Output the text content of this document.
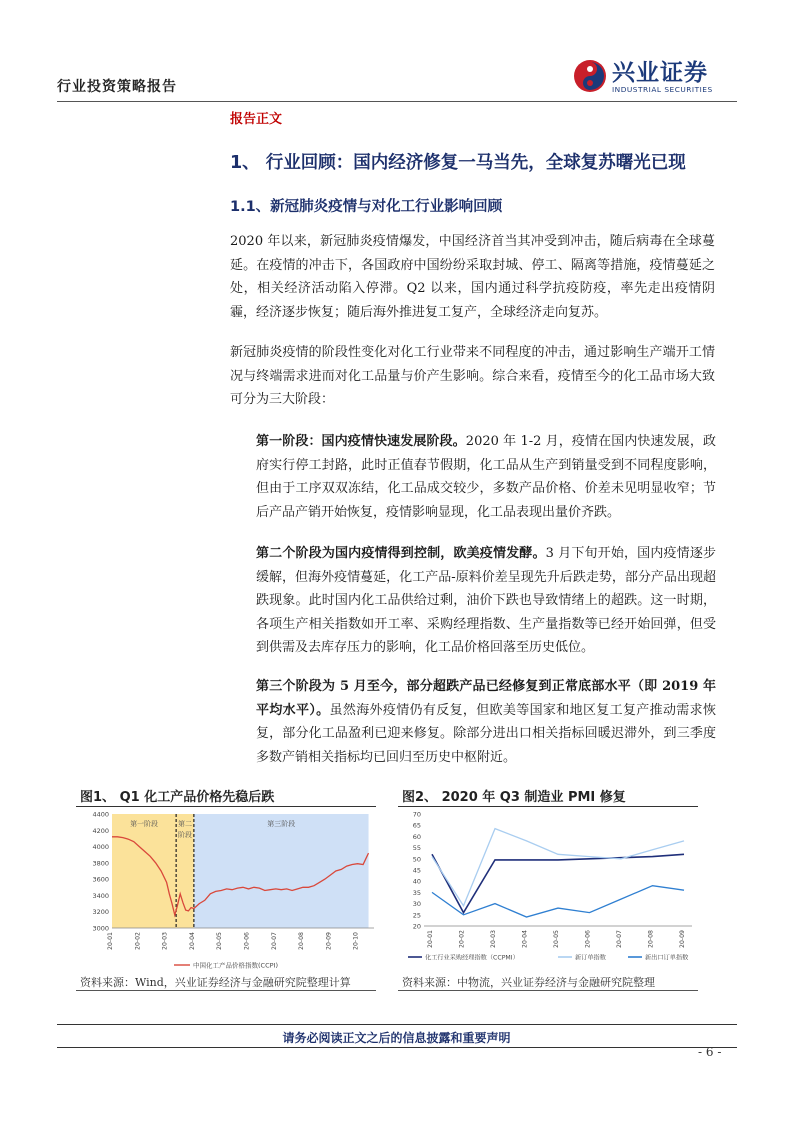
行业投资策略报告
兴业证券
INDUSTRIAL SECURITIES
报告正文
1、 行业回顾：国内经济修复一马当先，全球复苏曙光已现
1.1、新冠肺炎疫情与对化工行业影响回顾

2020 年以来，新冠肺炎疫情爆发，中国经济首当其冲受到冲击，随后病毒在全球蔓延。在疫情的冲击下，各国政府中国纷纷采取封城、停工、隔离等措施，疫情蔓延之处，相关经济活动陷入停滞。Q2 以来，国内通过科学抗疫防疫，率先走出疫情阴霾，经济逐步恢复；随后海外推进复工复产，全球经济走向复苏。

新冠肺炎疫情的阶段性变化对化工行业带来不同程度的冲击，通过影响生产端开工情况与终端需求进而对化工品量与价产生影响。综合来看，疫情至今的化工品市场大致可分为三大阶段：

第一阶段：国内疫情快速发展阶段。2020 年 1-2 月，疫情在国内快速发展，政府实行停工封路，此时正值春节假期，化工品从生产到销量受到不同程度影响，但由于工序双双冻结，化工品成交较少，多数产品价格、价差未见明显收窄；节后产品产销开始恢复，疫情影响显现，化工品表现出量价齐跌。

第二个阶段为国内疫情得到控制，欧美疫情发酵。3 月下旬开始，国内疫情逐步缓解，但海外疫情蔓延，化工产品-原料价差呈现先升后跌走势，部分产品出现超跌现象。此时国内化工品供给过剩，油价下跌也导致情绪上的超跌。这一时期，各项生产相关指数如开工率、采购经理指数、生产量指数等已经开始回弹，但受到供需及去库存压力的影响，化工品价格回落至历史低位。

第三个阶段为 5 月至今，部分超跌产品已经修复到正常底部水平（即 2019 年平均水平）。虽然海外疫情仍有反复，但欧美等国家和地区复工复产推动需求恢复，部分化工品盈利已迎来修复。除部分进出口相关指标回暖迟滞外，到三季度多数产销相关指标均已回归至历史中枢附近。

图1、 Q1 化工产品价格先稳后跌	图2、 2020 年 Q3 制造业 PMI 修复
第一阶段	第二
阶段
第三阶段
3000
3200
3400
3600
3800
4000
4200
4400
20-01	20-02	20-03	20-04	20-05	20-06	20-07	20-08	20-09	20-10
中国化工产品价格指数(CCPI)
20
25
30
35
40
45
50
55
60
65
70
20-01	20-02	20-03	20-04	20-05	20-06	20-07	20-08	20-09
化工行业采购经理指数（CCPMI）	新订单指数	新出口订单指数
资料来源：Wind，兴业证券经济与金融研究院整理计算	资料来源：中物流，兴业证券经济与金融研究院整理
请务必阅读正文之后的信息披露和重要声明
- 6 -
